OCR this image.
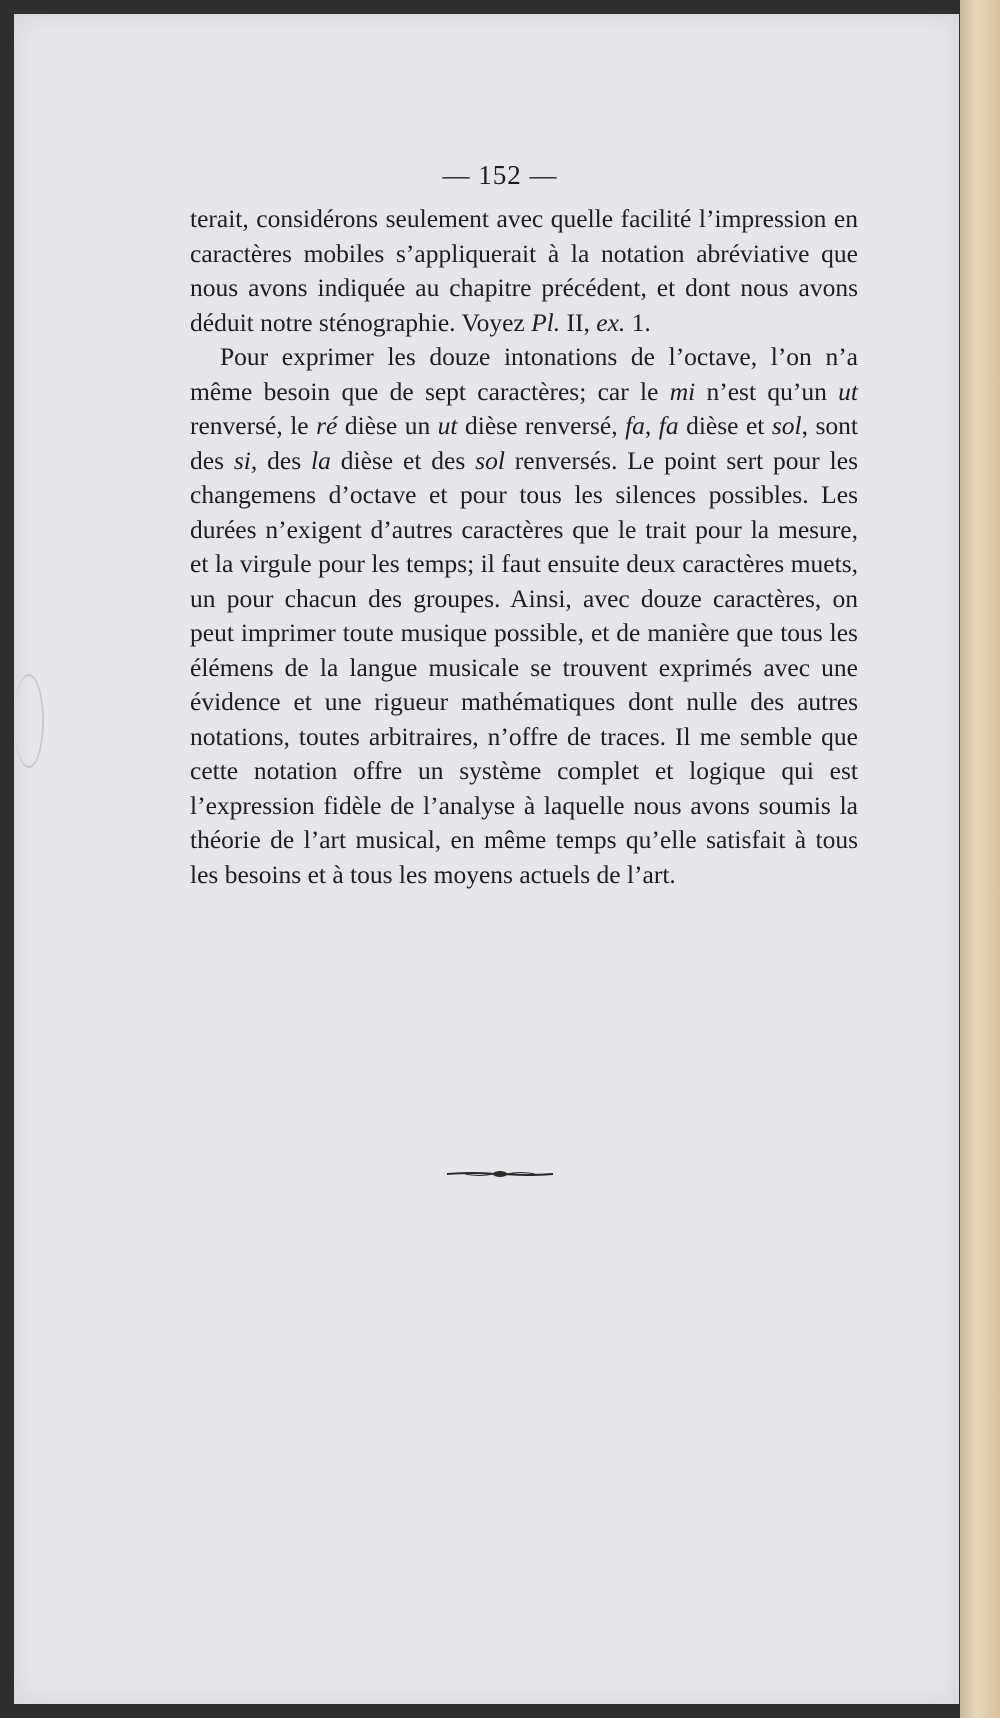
— 152 —

terait, considérons seulement avec quelle facilité l’impression en caractères mobiles s’appliquerait à la notation abréviative que nous avons indiquée au chapitre précédent, et dont nous avons déduit notre sténographie. Voyez Pl. II, ex. 1.

Pour exprimer les douze intonations de l’octave, l’on n’a même besoin que de sept caractères; car le mi n’est qu’un ut renversé, le ré dièse un ut dièse renversé, fa, fa dièse et sol, sont des si, des la dièse et des sol renversés. Le point sert pour les changemens d’octave et pour tous les silences possibles. Les durées n’exigent d’autres caractères que le trait pour la mesure, et la virgule pour les temps; il faut ensuite deux caractères muets, un pour chacun des groupes. Ainsi, avec douze caractères, on peut imprimer toute musique possible, et de manière que tous les élémens de la langue musicale se trouvent exprimés avec une évidence et une rigueur mathématiques dont nulle des autres notations, toutes arbitraires, n’offre de traces. Il me semble que cette notation offre un système complet et logique qui est l’expression fidèle de l’analyse à laquelle nous avons soumis la théorie de l’art musical, en même temps qu’elle satisfait à tous les besoins et à tous les moyens actuels de l’art.
